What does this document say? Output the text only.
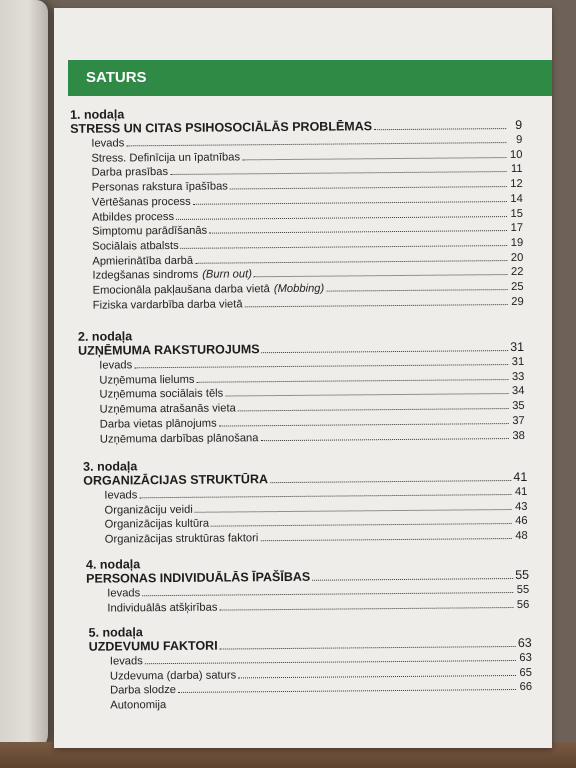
SATURS
1. nodaļa
STRESS UN CITAS PSIHOSOCIĀLĀS PROBLĒMAS	9
Ievads	9
Stress. Definīcija un īpatnības	10
Darba prasības	11
Personas rakstura īpašības	12
Vērtēšanas process	14
Atbildes process	15
Simptomu parādīšanās	17
Sociālais atbalsts	19
Apmierinātība darbā	20
Izdegšanas sindroms (Burn out)	22
Emocionāla pakļaušana darba vietā (Mobbing)	25
Fiziska vardarbība darba vietā	29
2. nodaļa
UZŅĒMUMA RAKSTUROJUMS	31
Ievads	31
Uzņēmuma lielums	33
Uzņēmuma sociālais tēls	34
Uzņēmuma atrašanās vieta	35
Darba vietas plānojums	37
Uzņēmuma darbības plānošana	38
3. nodaļa
ORGANIZĀCIJAS STRUKTŪRA	41
Ievads	41
Organizāciju veidi	43
Organizācijas kultūra	46
Organizācijas struktūras faktori	48
4. nodaļa
PERSONAS INDIVIDUĀLĀS ĪPAŠĪBAS	55
Ievads	55
Individuālās atšķirības	56
5. nodaļa
UZDEVUMU FAKTORI	63
Ievads	63
Uzdevuma (darba) saturs	65
Darba slodze	66
Autonomija
